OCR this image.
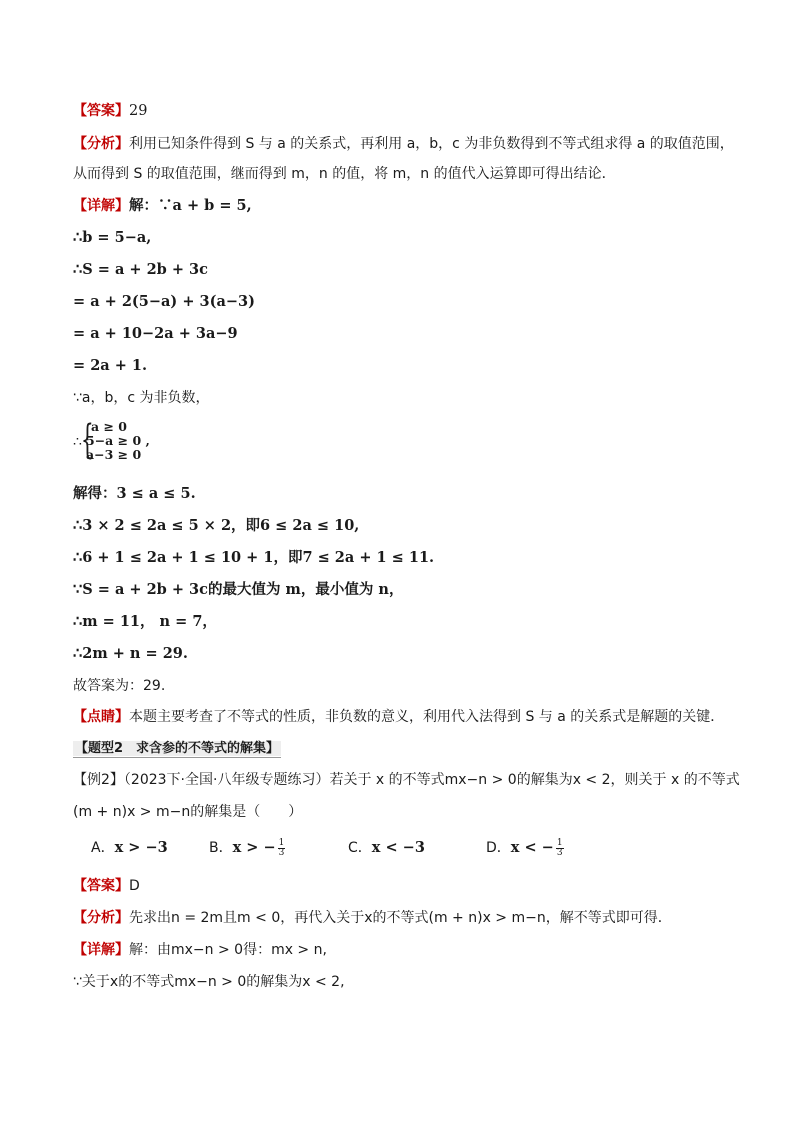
【答案】29
【分析】利用已知条件得到 S 与 a 的关系式，再利用 a，b，c 为非负数得到不等式组求得 a 的取值范围，
从而得到 S 的取值范围，继而得到 m，n 的值，将 m，n 的值代入运算即可得出结论．
【详解】解：∵a + b = 5,
∴b = 5−a,
∴S = a + 2b + 3c
= a + 2(5−a) + 3(a−3)
= a + 10−2a + 3a−9
= 2a + 1.
∵a，b，c 为非负数，
∴ {
a ≥ 0
5−a ≥ 0 ,
a−3 ≥ 0
解得：3 ≤ a ≤ 5.
∴3 × 2 ≤ 2a ≤ 5 × 2，即6 ≤ 2a ≤ 10,
∴6 + 1 ≤ 2a + 1 ≤ 10 + 1，即7 ≤ 2a + 1 ≤ 11.
∵S = a + 2b + 3c的最大值为 m，最小值为 n，
∴m = 11， n = 7，
∴2m + n = 29.
故答案为：29.
【点睛】本题主要考查了不等式的性质，非负数的意义，利用代入法得到 S 与 a 的关系式是解题的关键．
【题型2　求含参的不等式的解集】
【例2】（2023下·全国·八年级专题练习）若关于 x 的不等式mx−n > 0的解集为x < 2，则关于 x 的不等式
(m + n)x > m−n的解集是（　　）
A．x > −3	B．x > − $\frac{1}{3}$	C．x < −3	D．x < − $\frac{1}{3}$
【答案】D
【分析】先求出n = 2m且m < 0，再代入关于x的不等式(m + n)x > m−n，解不等式即可得．
【详解】解：由mx−n > 0得：mx > n,
∵关于x的不等式mx−n > 0的解集为x < 2,
